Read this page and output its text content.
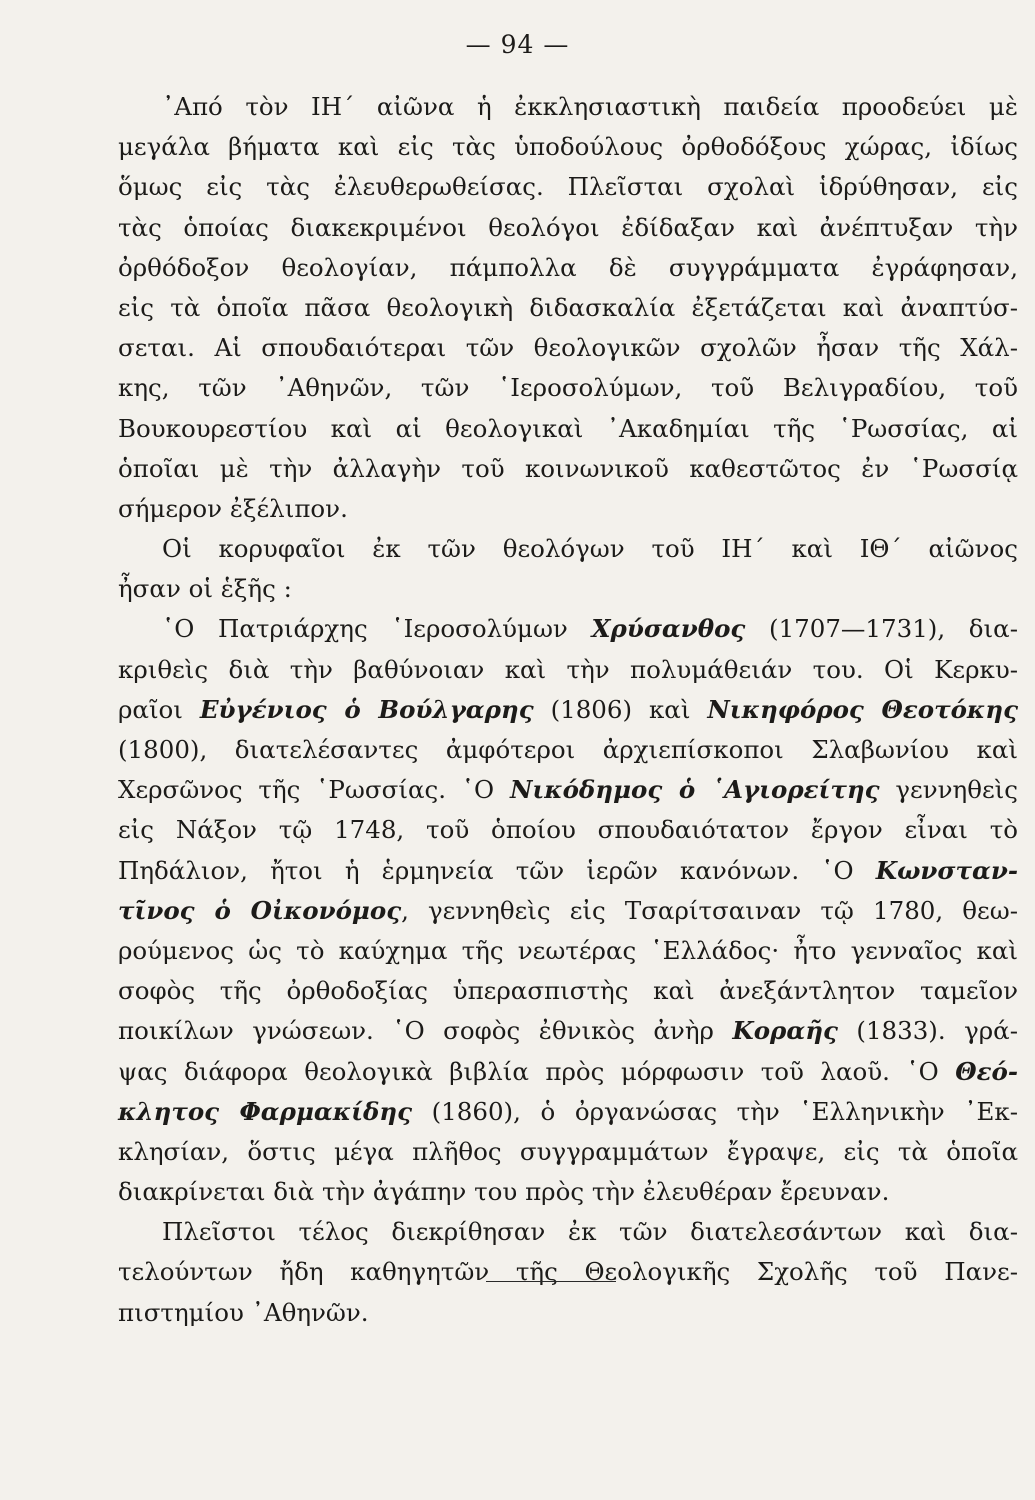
— 94 —
᾿Από τὸν ΙΗ΄ αἰῶνα ἡ ἐκκλησιαστικὴ παιδεία προοδεύει μὲ
μεγάλα βήματα καὶ εἰς τὰς ὑποδούλους ὀρθοδόξους χώρας, ἰδίως
ὅμως εἰς τὰς ἐλευθερωθείσας. Πλεῖσται σχολαὶ ἱδρύθησαν, εἰς
τὰς ὁποίας διακεκριμένοι θεολόγοι ἐδίδαξαν καὶ ἀνέπτυξαν τὴν
ὀρθόδοξον θεολογίαν, πάμπολλα δὲ συγγράμματα ἐγράφησαν,
εἰς τὰ ὁποῖα πᾶσα θεολογικὴ διδασκαλία ἐξετάζεται καὶ ἀναπτύσ-
σεται. Αἱ σπουδαιότεραι τῶν θεολογικῶν σχολῶν ἦσαν τῆς Χάλ-
κης, τῶν ᾿Αθηνῶν, τῶν ῾Ιεροσολύμων, τοῦ Βελιγραδίου, τοῦ
Βουκουρεστίου καὶ αἱ θεολογικαὶ ᾿Ακαδημίαι τῆς ῾Ρωσσίας, αἱ
ὁποῖαι μὲ τὴν ἀλλαγὴν τοῦ κοινωνικοῦ καθεστῶτος ἐν ῾Ρωσσίᾳ
σήμερον ἐξέλιπον.
Οἱ κορυφαῖοι ἐκ τῶν θεολόγων τοῦ ΙΗ΄ καὶ ΙΘ΄ αἰῶνος
ἦσαν οἱ ἑξῆς :
῾Ο Πατριάρχης ῾Ιεροσολύμων Χρύσανθος (1707—1731), δια-
κριθεὶς διὰ τὴν βαθύνοιαν καὶ τὴν πολυμάθειάν του. Οἱ Κερκυ-
ραῖοι Εὐγένιος ὁ Βούλγαρης (1806) καὶ Νικηφόρος Θεοτόκης
(1800), διατελέσαντες ἀμφότεροι ἀρχιεπίσκοποι Σλαβωνίου καὶ
Χερσῶνος τῆς ῾Ρωσσίας. ῾Ο Νικόδημος ὁ ῾Αγιορείτης γεννηθεὶς
εἰς Νάξον τῷ 1748, τοῦ ὁποίου σπουδαιότατον ἔργον εἶναι τὸ
Πηδάλιον, ἤτοι ἡ ἑρμηνεία τῶν ἱερῶν κανόνων. ῾Ο Κωνσταν-
τῖνος ὁ Οἰκονόμος, γεννηθεὶς εἰς Τσαρίτσαιναν τῷ 1780, θεω-
ρούμενος ὡς τὸ καύχημα τῆς νεωτέρας ῾Ελλάδος· ἦτο γενναῖος καὶ
σοφὸς τῆς ὀρθοδοξίας ὑπερασπιστὴς καὶ ἀνεξάντλητον ταμεῖον
ποικίλων γνώσεων. ῾Ο σοφὸς ἐθνικὸς ἀνὴρ Κοραῆς (1833). γρά-
ψας διάφορα θεολογικὰ βιβλία πρὸς μόρφωσιν τοῦ λαοῦ. ῾Ο Θεό-
κλητος Φαρμακίδης (1860), ὁ ὀργανώσας τὴν ῾Ελληνικὴν ᾿Εκ-
κλησίαν, ὅστις μέγα πλῆθος συγγραμμάτων ἔγραψε, εἰς τὰ ὁποῖα
διακρίνεται διὰ τὴν ἀγάπην του πρὸς τὴν ἐλευθέραν ἔρευναν.
Πλεῖστοι τέλος διεκρίθησαν ἐκ τῶν διατελεσάντων καὶ δια-
τελούντων ἤδη καθηγητῶν τῆς Θεολογικῆς Σχολῆς τοῦ Πανε-
πιστημίου ᾿Αθηνῶν.
